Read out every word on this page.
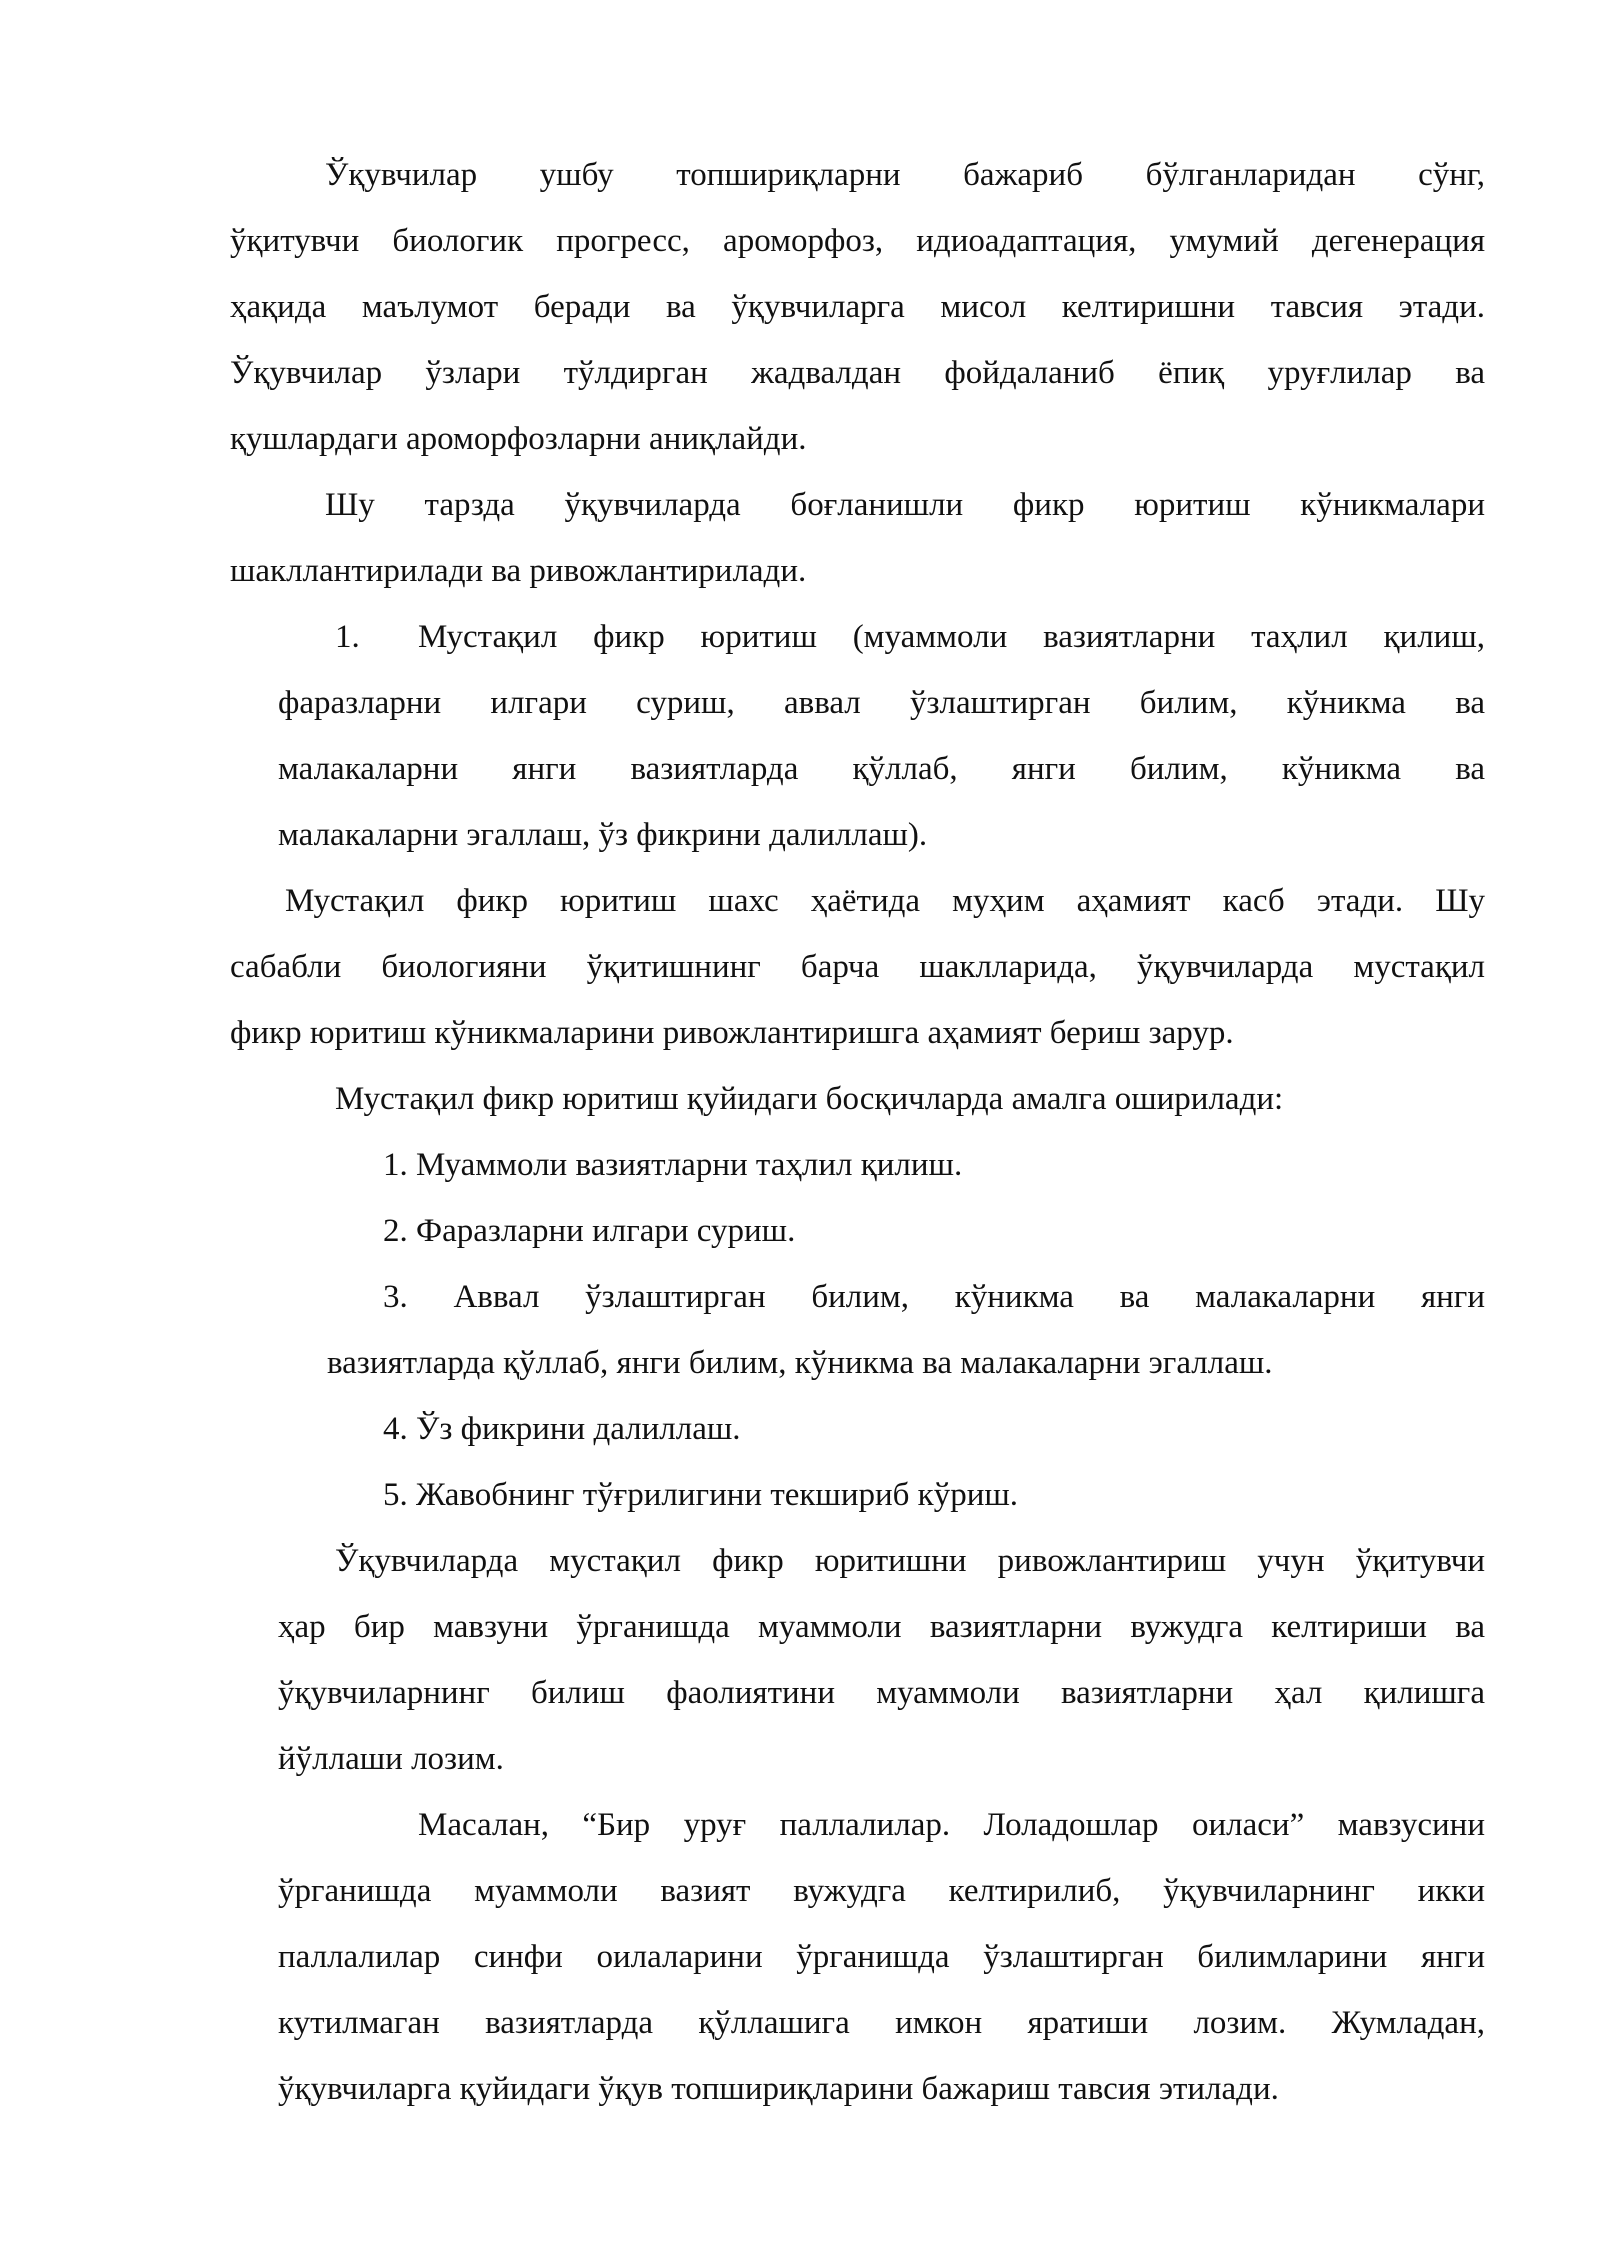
Ўқувчилар ушбу топшириқларни бажариб бўлганларидан сўнг,
ўқитувчи биологик прогресс, ароморфоз, идиоадаптация, умумий дегенерация
ҳақида маълумот беради ва ўқувчиларга мисол келтиришни тавсия этади.
Ўқувчилар ўзлари тўлдирган жадвалдан фойдаланиб ёпиқ уруғлилар ва
қушлардаги ароморфозларни аниқлайди.
Шу тарзда ўқувчиларда боғланишли фикр юритиш кўникмалари
шакллантирилади ва ривожлантирилади.
1. Мустақил фикр юритиш (муаммоли вазиятларни таҳлил қилиш,
фаразларни илгари суриш, аввал ўзлаштирган билим, кўникма ва
малакаларни янги вазиятларда қўллаб, янги билим, кўникма ва
малакаларни эгаллаш, ўз фикрини далиллаш).
Мустақил фикр юритиш шахс ҳаётида муҳим аҳамият касб этади. Шу
сабабли биологияни ўқитишнинг барча шаклларида, ўқувчиларда мустақил
фикр юритиш кўникмаларини ривожлантиришга аҳамият бериш зарур.
Мустақил фикр юритиш қуйидаги босқичларда амалга оширилади:
1. Муаммоли вазиятларни таҳлил қилиш.
2. Фаразларни илгари суриш.
3. Аввал ўзлаштирган билим, кўникма ва малакаларни янги
вазиятларда қўллаб, янги билим, кўникма ва малакаларни эгаллаш.
4. Ўз фикрини далиллаш.
5. Жавобнинг тўғрилигини текшириб кўриш.
Ўқувчиларда мустақил фикр юритишни ривожлантириш учун ўқитувчи
ҳар бир мавзуни ўрганишда муаммоли вазиятларни вужудга келтириши ва
ўқувчиларнинг билиш фаолиятини муаммоли вазиятларни ҳал қилишга
йўллаши лозим.
Масалан, “Бир уруғ паллалилар. Лоладошлар оиласи” мавзусини
ўрганишда муаммоли вазият вужудга келтирилиб, ўқувчиларнинг икки
паллалилар синфи оилаларини ўрганишда ўзлаштирган билимларини янги
кутилмаган вазиятларда қўллашига имкон яратиши лозим. Жумладан,
ўқувчиларга қуйидаги ўқув топшириқларини бажариш тавсия этилади.
